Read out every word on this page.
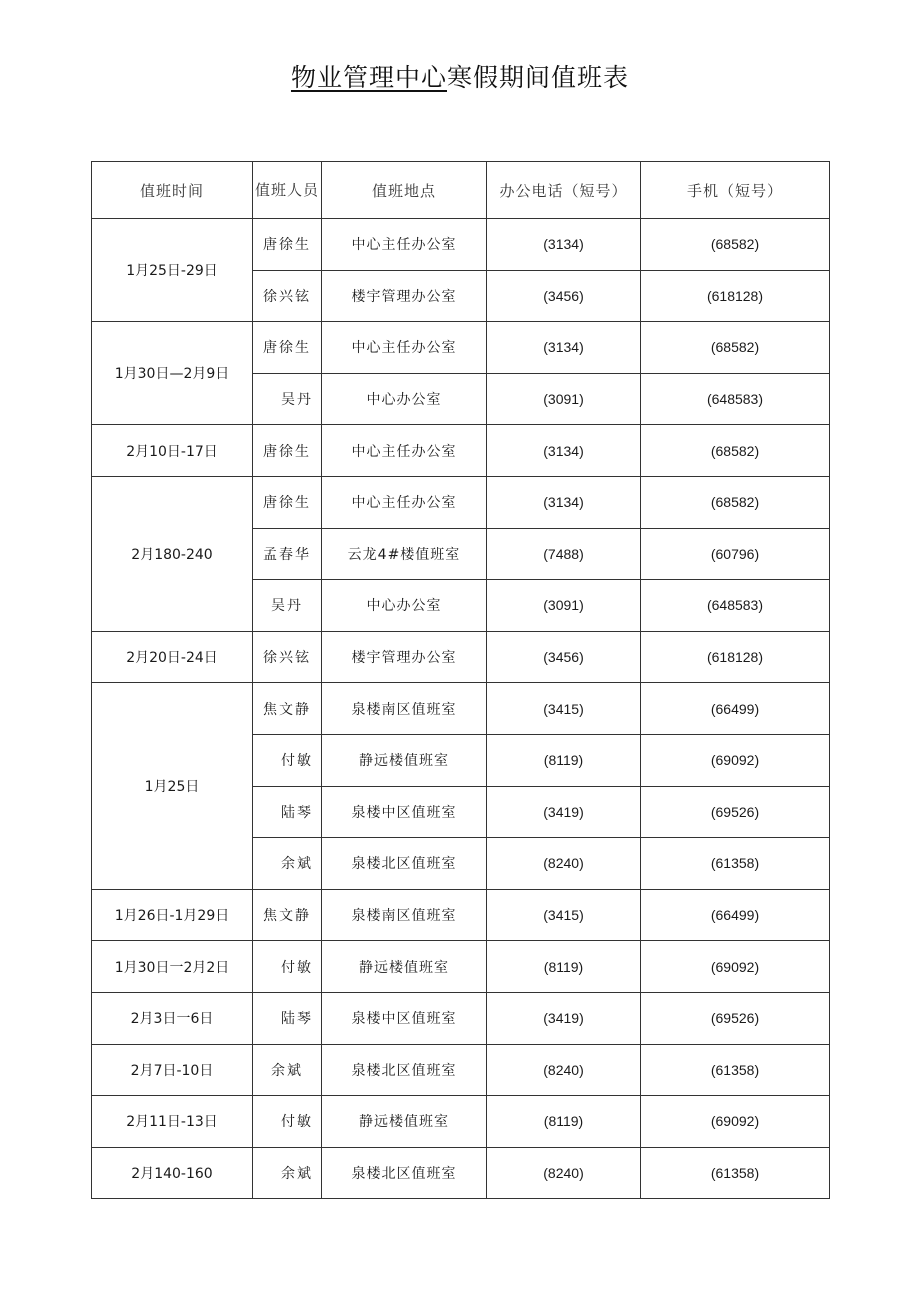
物业管理中心寒假期间值班表
值班时间	值班人员	值班地点	办公电话（短号）	手机（短号）
1月25日-29日	唐徐生	中心主任办公室	(3134)	(68582)
	徐兴铉	楼宇管理办公室	(3456)	(618128)
1月30日—2月9日	唐徐生	中心主任办公室	(3134)	(68582)
	吴丹	中心办公室	(3091)	(648583)
2月10日-17日	唐徐生	中心主任办公室	(3134)	(68582)
2月180-240	唐徐生	中心主任办公室	(3134)	(68582)
	孟春华	云龙4#楼值班室	(7488)	(60796)
	吴丹	中心办公室	(3091)	(648583)
2月20日-24日	徐兴铉	楼宇管理办公室	(3456)	(618128)
1月25日	焦文静	泉楼南区值班室	(3415)	(66499)
	付敏	静远楼值班室	(8119)	(69092)
	陆琴	泉楼中区值班室	(3419)	(69526)
	余斌	泉楼北区值班室	(8240)	(61358)
1月26日-1月29日	焦文静	泉楼南区值班室	(3415)	(66499)
1月30日一2月2日	付敏	静远楼值班室	(8119)	(69092)
2月3日一6日	陆琴	泉楼中区值班室	(3419)	(69526)
2月7日-10日	余斌	泉楼北区值班室	(8240)	(61358)
2月11日-13日	付敏	静远楼值班室	(8119)	(69092)
2月140-160	余斌	泉楼北区值班室	(8240)	(61358)
